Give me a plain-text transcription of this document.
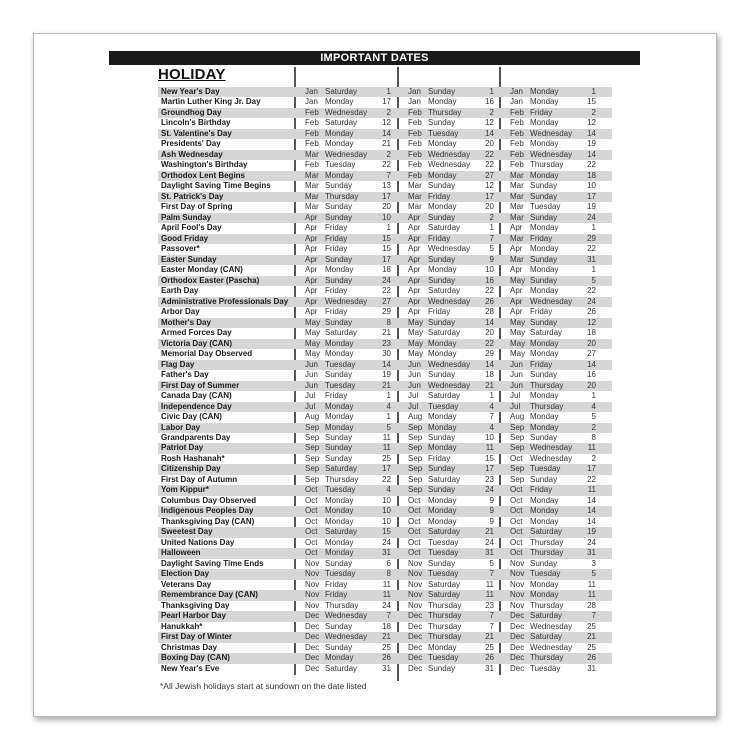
IMPORTANT DATES
HOLIDAY
New Year's Day	Jan Saturday	1 Jan Sunday	1 Jan Monday	1
Martin Luther King Jr. Day	Jan Monday	17 Jan Monday	16 Jan Monday	15
Groundhog Day	Feb Wednesday 2 Feb Thursday	2 Feb Friday	2
Lincoln's Birthday	Feb Saturday	12 Feb Sunday	12 Feb Monday	12
St. Valentine's Day	Feb Monday	14 Feb Tuesday	14 Feb Wednesday 14
Presidents' Day	Feb Monday	21 Feb Monday	20 Feb Monday	19
Ash Wednesday	Mar Wednesday 2 Feb Wednesday 22 Feb Wednesday 14
Washington's Birthday	Feb Tuesday	22 Feb Wednesday 22 Feb Thursday	22
Orthodox Lent Begins	Mar Monday	7 Feb Monday	27 Mar Monday	18
Daylight Saving Time Begins	Mar Sunday	13 Mar Sunday	12 Mar Sunday	10
St. Patrick's Day	Mar Thursday	17 Mar Friday	17 Mar Sunday	17
First Day of Spring	Mar Sunday	20 Mar Monday	20 Mar Tuesday	19
Palm Sunday	Apr Sunday	10 Apr Sunday	2 Mar Sunday	24
April Fool's Day	Apr Friday	1 Apr Saturday	1 Apr Monday	1
Good Friday	Apr Friday	15 Apr Friday	7 Mar Friday	29
Passover*	Apr Friday	15 Apr Wednesday 5 Apr Monday	22
Easter Sunday	Apr Sunday	17 Apr Sunday	9 Mar Sunday	31
Easter Monday (CAN)	Apr Monday	18 Apr Monday	10 Apr Monday	1
Orthodox Easter (Pascha)	Apr Sunday	24 Apr Sunday	16 May Sunday	5
Earth Day	Apr Friday	22 Apr Saturday	22 Apr Monday	22
Administrative Professionals Day Apr Wednesday 27 Apr Wednesday 26 Apr Wednesday 24
Arbor Day	Apr Friday	29 Apr Friday	28 Apr Friday	26
Mother's Day	May Sunday	8 May Sunday	14 May Sunday	12
Armed Forces Day	May Saturday	21 May Saturday	20 May Saturday	18
Victoria Day (CAN)	May Monday	23 May Monday	22 May Monday	20
Memorial Day Observed	May Monday	30 May Monday	29 May Monday	27
Flag Day	Jun Tuesday	14 Jun Wednesday 14 Jun Friday	14
Father's Day	Jun Sunday	19 Jun Sunday	18 Jun Sunday	16
First Day of Summer	Jun Tuesday	21 Jun Wednesday 21 Jun Thursday	20
Canada Day (CAN)	Jul Friday	1 Jul Saturday	1 Jul Monday	1
Independence Day	Jul Monday	4 Jul Tuesday	4 Jul Thursday	4
Civic Day (CAN)	Aug Monday	1 Aug Monday	7 Aug Monday	5
Labor Day	Sep Monday	5 Sep Monday	4 Sep Monday	2
Grandparents Day	Sep Sunday	11 Sep Sunday	10 Sep Sunday	8
Patriot Day	Sep Sunday	11 Sep Monday	11 Sep Wednesday 11
Rosh Hashanah*	Sep Sunday	25 Sep Friday	15 Oct Wednesday 2
Citizenship Day	Sep Saturday	17 Sep Sunday	17 Sep Tuesday	17
First Day of Autumn	Sep Thursday	22 Sep Saturday	23 Sep Sunday	22
Yom Kippur*	Oct Tuesday	4 Sep Sunday	24 Oct Friday	11
Columbus Day Observed	Oct Monday	10 Oct Monday	9 Oct Monday	14
Indigenous Peoples Day	Oct Monday	10 Oct Monday	9 Oct Monday	14
Thanksgiving Day (CAN)	Oct Monday	10 Oct Monday	9 Oct Monday	14
Sweetest Day	Oct Saturday	15 Oct Saturday	21 Oct Saturday	19
United Nations Day	Oct Monday	24 Oct Tuesday	24 Oct Thursday	24
Halloween	Oct Monday	31 Oct Tuesday	31 Oct Thursday	31
Daylight Saving Time Ends	Nov Sunday	6 Nov Sunday	5 Nov Sunday	3
Election Day	Nov Tuesday	8 Nov Tuesday	7 Nov Tuesday	5
Veterans Day	Nov Friday	11 Nov Saturday	11 Nov Monday	11
Remembrance Day (CAN)	Nov Friday	11 Nov Saturday	11 Nov Monday	11
Thanksgiving Day	Nov Thursday	24 Nov Thursday	23 Nov Thursday	28
Pearl Harbor Day	Dec Wednesday 7 Dec Thursday	7 Dec Saturday	7
Hanukkah*	Dec Sunday	18 Dec Thursday	7 Dec Wednesday 25
First Day of Winter	Dec Wednesday 21 Dec Thursday	21 Dec Saturday	21
Christmas Day	Dec Sunday	25 Dec Monday	25 Dec Wednesday 25
Boxing Day (CAN)	Dec Monday	26 Dec Tuesday	26 Dec Thursday	26
New Year's Eve	Dec Saturday	31 Dec Sunday	31 Dec Tuesday	31
*All Jewish holidays start at sundown on the date listed
